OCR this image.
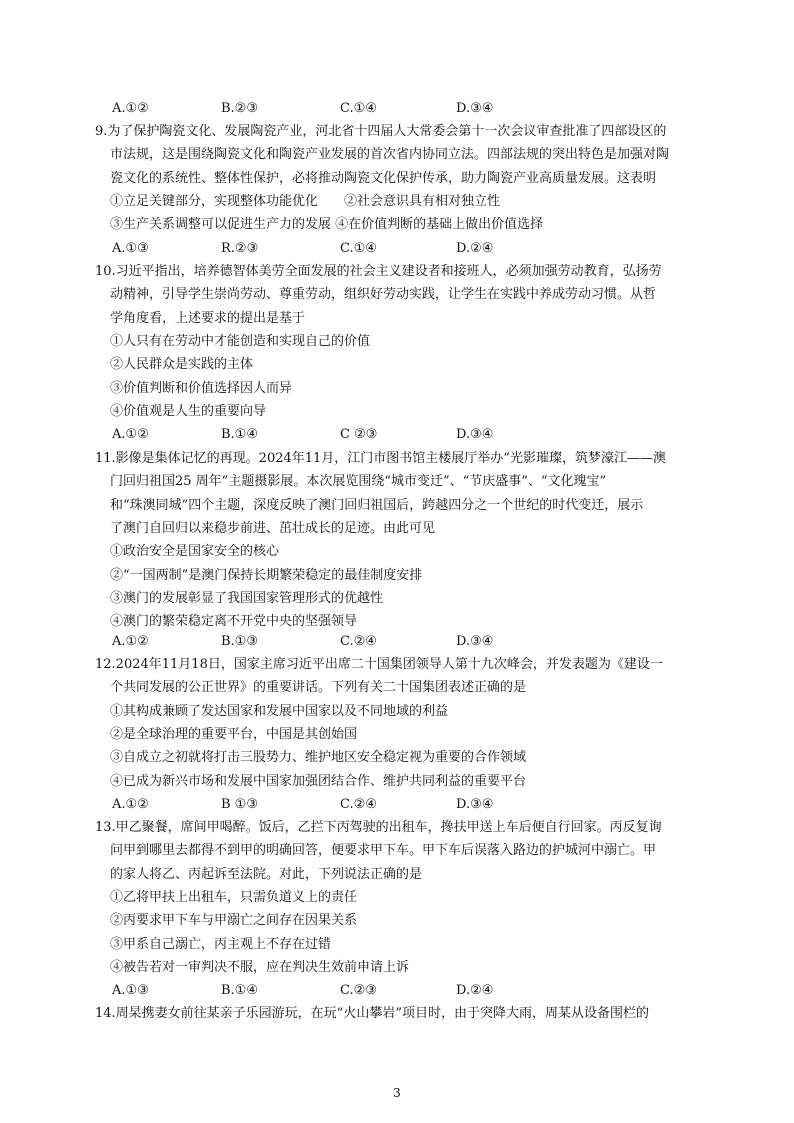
3
A.①②	B.②③	C.①④	D.③④
9.为了保护陶瓷文化、发展陶瓷产业，河北省十四届人大常委会第十一次会议审查批准了四部设区的
市法规，这是围绕陶瓷文化和陶瓷产业发展的首次省内协同立法。四部法规的突出特色是加强对陶
瓷文化的系统性、整体性保护，必将推动陶瓷文化保护传承，助力陶瓷产业高质量发展。这表明
①立足关键部分，实现整体功能优化　　②社会意识具有相对独立性
③生产关系调整可以促进生产力的发展 ④在价值判断的基础上做出价值选择
A.①③	R.②③	C.①④	D.②④
10.习近平指出，培养德智体美劳全面发展的社会主义建设者和接班人，必须加强劳动教育，弘扬劳
动精神，引导学生崇尚劳动、尊重劳动，组织好劳动实践，让学生在实践中养成劳动习惯。从哲
学角度看，上述要求的提出是基于
①人只有在劳动中才能创造和实现自己的价值
②人民群众是实践的主体
③价值判断和价值选择因人而异
④价值观是人生的重要向导
A.①②	B.①④	C ②③	D.③④
11.影像是集体记忆的再现。2024年11月，江门市图书馆主楼展厅举办“光影璀璨，筑梦濠江——澳
门回归祖国25 周年”主题摄影展。本次展览围绕“城市变迁”、“节庆盛事”、“文化瑰宝”
和“珠澳同城”四个主题，深度反映了澳门回归祖国后，跨越四分之一个世纪的时代变迁，展示
了澳门自回归以来稳步前进、茁壮成长的足迹。由此可见
①政治安全是国家安全的核心
②“一国两制”是澳门保持长期繁荣稳定的最佳制度安排
③澳门的发展彰显了我国国家管理形式的优越性
④澳门的繁荣稳定离不开党中央的坚强领导
A.①②	B.①③	C.②④	D.③④
12.2024年11月18日，国家主席习近平出席二十国集团领导人第十九次峰会，并发表题为《建设一
个共同发展的公正世界》的重要讲话。下列有关二十国集团表述正确的是
①其构成兼顾了发达国家和发展中国家以及不同地域的利益
②是全球治理的重要平台，中国是其创始国
③自成立之初就将打击三股势力、维护地区安全稳定视为重要的合作领域
④已成为新兴市场和发展中国家加强团结合作、维护共同利益的重要平台
A.①②	B ①③	C.②④	D.③④
13.甲乙聚餐，席间甲喝醉。饭后，乙拦下丙驾驶的出租车，搀扶甲送上车后便自行回家。丙反复询
问甲到哪里去都得不到甲的明确回答，便要求甲下车。甲下车后误落入路边的护城河中溺亡。甲
的家人将乙、丙起诉至法院。对此，下列说法正确的是
①乙将甲扶上出租车，只需负道义上的责任
②丙要求甲下车与甲溺亡之间存在因果关系
③甲系自己溺亡，丙主观上不存在过错
④被告若对一审判决不服，应在判决生效前申请上诉
A.①③	B.①④	C.②③	D.②④
14.周杲携妻女前往某亲子乐园游玩，在玩“火山攀岩”项目时，由于突降大雨，周某从设备围栏的
